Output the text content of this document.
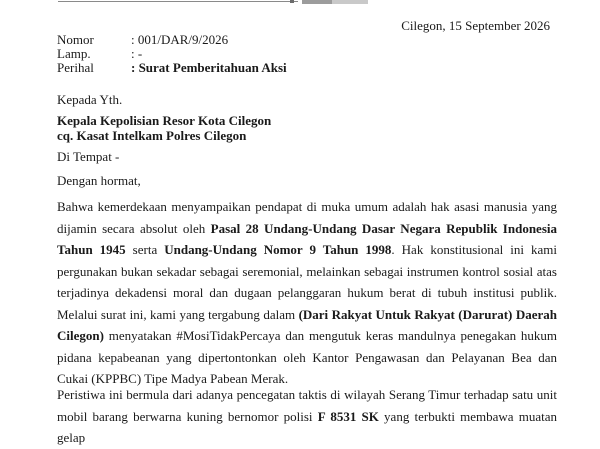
Cilegon, 15 September 2026
Nomor	: 001/DAR/9/2026
Lamp.	: -
Perihal	: Surat Pemberitahuan Aksi
Kepada Yth.
Kepala Kepolisian Resor Kota Cilegon
cq. Kasat Intelkam Polres Cilegon
Di Tempat -
Dengan hormat,
Bahwa kemerdekaan menyampaikan pendapat di muka umum adalah hak asasi manusia yang dijamin secara absolut oleh Pasal 28 Undang-Undang Dasar Negara Republik Indonesia Tahun 1945 serta Undang-Undang Nomor 9 Tahun 1998. Hak konstitusional ini kami pergunakan bukan sekadar sebagai seremonial, melainkan sebagai instrumen kontrol sosial atas terjadinya dekadensi moral dan dugaan pelanggaran hukum berat di tubuh institusi publik. Melalui surat ini, kami yang tergabung dalam (Dari Rakyat Untuk Rakyat (Darurat) Daerah Cilegon) menyatakan #MosiTidakPercaya dan mengutuk keras mandulnya penegakan hukum pidana kepabeanan yang dipertontonkan oleh Kantor Pengawasan dan Pelayanan Bea dan Cukai (KPPBC) Tipe Madya Pabean Merak.
Peristiwa ini bermula dari adanya pencegatan taktis di wilayah Serang Timur terhadap satu unit mobil barang berwarna kuning bernomor polisi F 8531 SK yang terbukti membawa muatan gelap
